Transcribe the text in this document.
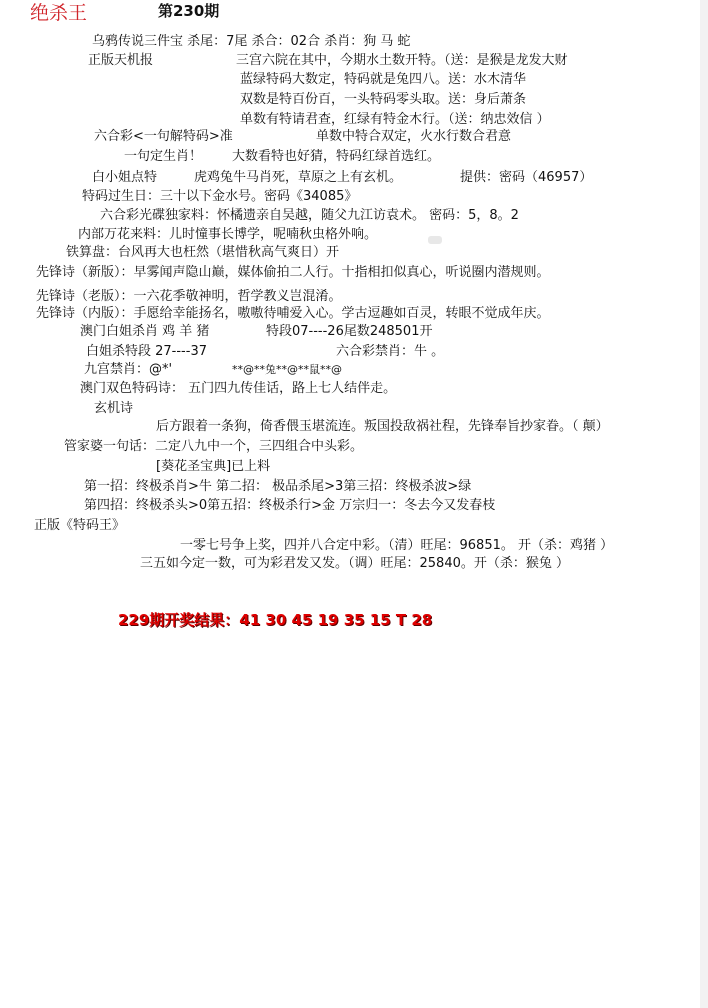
绝杀王	第230期
乌鸦传说三件宝 杀尾：7尾 杀合：02合 杀肖：狗 马 蛇
正版天机报	三宫六院在其中，今期水土数开特。（送：是猴是龙发大财
蓝绿特码大数定，特码就是兔四八。送：水木清华
双数是特百份百，一头特码零头取。送：身后萧条
单数有特请君查，红绿有特金木行。（送：纳忠效信 ）
六合彩<一句解特码>准	单数中特合双定，火水行数合君意
一句定生肖！ 大数看特也好猜，特码红绿首选红。
白小姐点特	虎鸡兔牛马肖死，草原之上有玄机。	提供：密码（46957）
特码过生日：三十以下金水号。密码《34085》
六合彩光碟独家料：怀橘遗亲自吴越，随父九江访袁术。 密码：5，8。2
内部万花来料：儿时憧事长博学，呢喃秋虫格外响。
铁算盘：台风再大也枉然（堪惜秋高气爽日）开
先锋诗（新版）：早雾闻声隐山巅，媒体偷拍二人行。十指相扣似真心，听说圈内潜规则。
先锋诗（老版）：一六花季敬神明，哲学教义岂混淆。
先锋诗（内版）：手愿给幸能扬名，嗷嗷待哺爱入心。学古逗趣如百灵，转眼不觉成年庆。
澳门白姐杀肖 鸡 羊 猪	特段07----26尾数248501开
白姐杀特段 27----37	六合彩禁肖：牛 。
九宫禁肖：@*'	**@**兔**@**鼠**@
澳门双色特码诗： 五门四九传佳话，路上七人结伴走。
玄机诗
后方跟着一条狗，倚香偎玉堪流连。叛国投敌祸社程，先锋奉旨抄家眷。（ 颠）
管家婆一句话：二定八九中一个，三四组合中头彩。
[葵花圣宝典]已上料
第一招：终极杀肖>牛 第二招： 极品杀尾>3第三招：终极杀波>绿
第四招：终极杀头>0第五招：终极杀行>金 万宗归一：冬去今又发春枝
正版《特码王》
一零七号争上奖，四并八合定中彩。（清）旺尾：96851。 开（杀：鸡猪 ）
三五如今定一数，可为彩君发又发。（调）旺尾：25840。开（杀：猴兔 ）
229期开奖结果：41 30 45 19 35 15 T 28
